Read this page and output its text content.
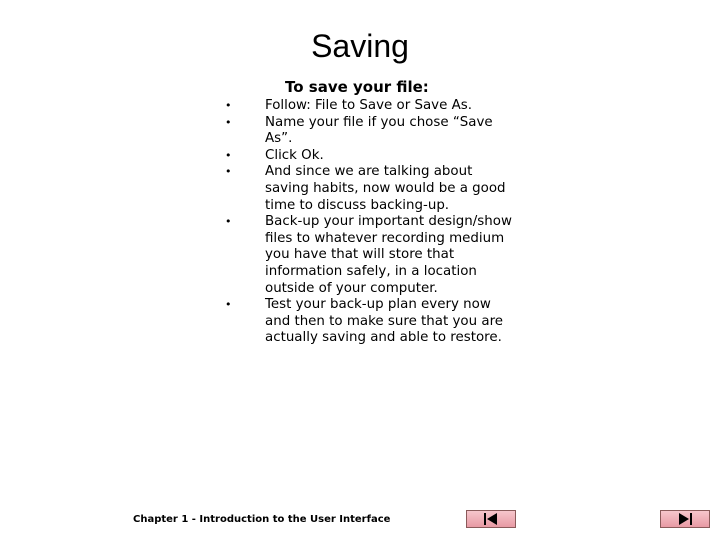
Saving
To save your file:
•	Follow: File to Save or Save As.
•	Name your file if you chose “Save As”.
•	Click Ok.
•	And since we are talking about saving habits, now would be a good time to discuss backing-up.
•	Back-up your important design/show files to whatever recording medium you have that will store that information safely, in a location outside of your computer.
•	Test your back-up plan every now and then to make sure that you are actually saving and able to restore.
Chapter 1 - Introduction to the User Interface
